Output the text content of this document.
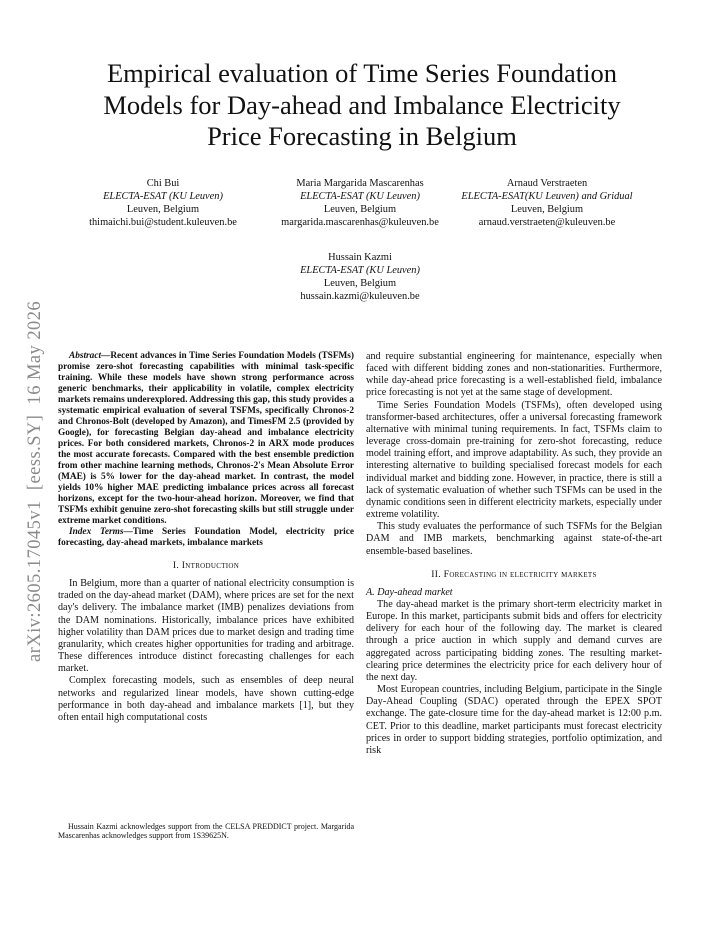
arXiv:2605.17045v1  [eess.SY]  16 May 2026
Empirical evaluation of Time Series Foundation
Models for Day-ahead and Imbalance Electricity
Price Forecasting in Belgium
Chi Bui
ELECTA-ESAT (KU Leuven)
Leuven, Belgium
thimaichi.bui@student.kuleuven.be
Maria Margarida Mascarenhas
ELECTA-ESAT (KU Leuven)
Leuven, Belgium
margarida.mascarenhas@kuleuven.be
Arnaud Verstraeten
ELECTA-ESAT(KU Leuven) and Gridual
Leuven, Belgium
arnaud.verstraeten@kuleuven.be
Hussain Kazmi
ELECTA-ESAT (KU Leuven)
Leuven, Belgium
hussain.kazmi@kuleuven.be

Abstract—Recent advances in Time Series Foundation Models (TSFMs) promise zero-shot forecasting capabilities with minimal task-specific training. While these models have shown strong performance across generic benchmarks, their applicability in volatile, complex electricity markets remains underexplored. Addressing this gap, this study provides a systematic empirical evaluation of several TSFMs, specifically Chronos-2 and Chronos-Bolt (developed by Amazon), and TimesFM 2.5 (provided by Google), for forecasting Belgian day-ahead and imbalance electricity prices. For both considered markets, Chronos-2 in ARX mode produces the most accurate forecasts. Compared with the best ensemble prediction from other machine learning methods, Chronos-2's Mean Absolute Error (MAE) is 5% lower for the day-ahead market. In contrast, the model yields 10% higher MAE predicting imbalance prices across all forecast horizons, except for the two-hour-ahead horizon. Moreover, we find that TSFMs exhibit genuine zero-shot forecasting skills but still struggle under extreme market conditions.

Index Terms—Time Series Foundation Model, electricity price forecasting, day-ahead markets, imbalance markets

I. Introduction

In Belgium, more than a quarter of national electricity consumption is traded on the day-ahead market (DAM), where prices are set for the next day's delivery. The imbalance market (IMB) penalizes deviations from the DAM nominations. Historically, imbalance prices have exhibited higher volatility than DAM prices due to market design and trading time granularity, which creates higher opportunities for trading and arbitrage. These differences introduce distinct forecasting challenges for each market.

Complex forecasting models, such as ensembles of deep neural networks and regularized linear models, have shown cutting-edge performance in both day-ahead and imbalance markets [1], but they often entail high computational costs

Hussain Kazmi acknowledges support from the CELSA PREDDICT project. Margarida Mascarenhas acknowledges support from 1S39625N.

and require substantial engineering for maintenance, especially when faced with different bidding zones and non-stationarities. Furthermore, while day-ahead price forecasting is a well-established field, imbalance price forecasting is not yet at the same stage of development.

Time Series Foundation Models (TSFMs), often developed using transformer-based architectures, offer a universal forecasting framework alternative with minimal tuning requirements. In fact, TSFMs claim to leverage cross-domain pre-training for zero-shot forecasting, reduce model training effort, and improve adaptability. As such, they provide an interesting alternative to building specialised forecast models for each individual market and bidding zone. However, in practice, there is still a lack of systematic evaluation of whether such TSFMs can be used in the dynamic conditions seen in different electricity markets, especially under extreme volatility.

This study evaluates the performance of such TSFMs for the Belgian DAM and IMB markets, benchmarking against state-of-the-art ensemble-based baselines.

II. Forecasting in electricity markets

A. Day-ahead market

The day-ahead market is the primary short-term electricity market in Europe. In this market, participants submit bids and offers for electricity delivery for each hour of the following day. The market is cleared through a price auction in which supply and demand curves are aggregated across participating bidding zones. The resulting market-clearing price determines the electricity price for each delivery hour of the next day.

Most European countries, including Belgium, participate in the Single Day-Ahead Coupling (SDAC) operated through the EPEX SPOT exchange. The gate-closure time for the day-ahead market is 12:00 p.m. CET. Prior to this deadline, market participants must forecast electricity prices in order to support bidding strategies, portfolio optimization, and risk
